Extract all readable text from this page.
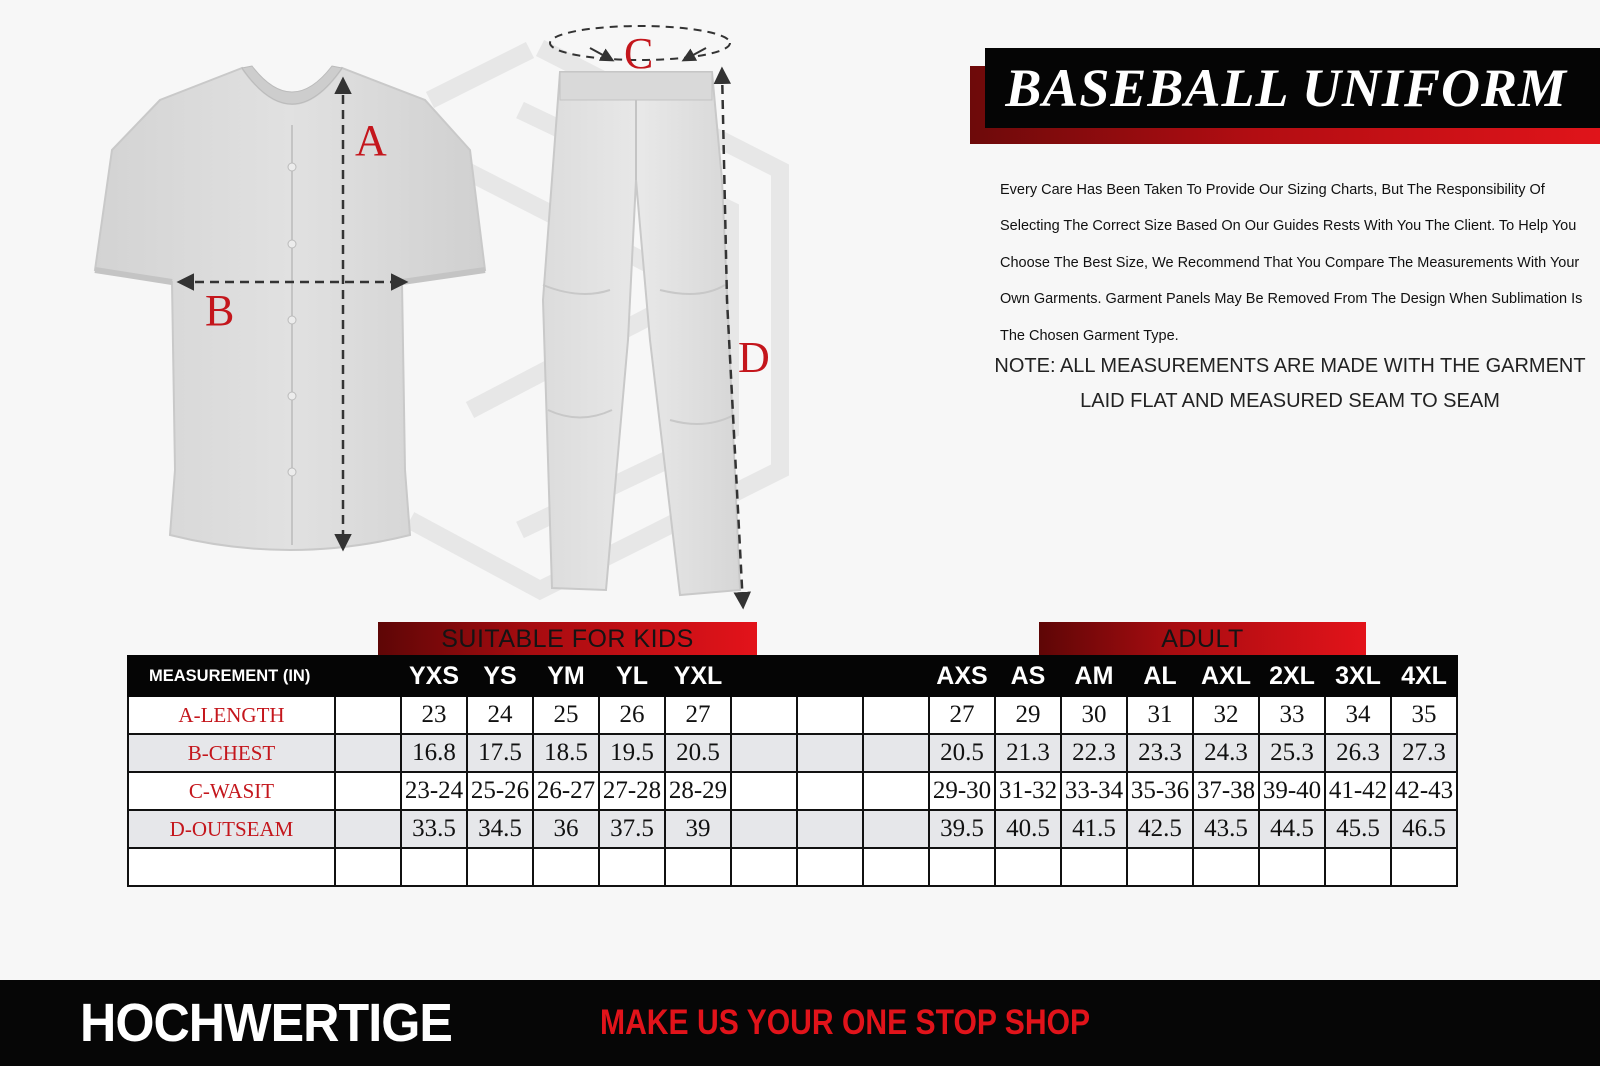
A
B
C
D
BASEBALL UNIFORM
Every Care Has Been Taken To Provide Our Sizing Charts, But The Responsibility Of Selecting The Correct Size Based On Our Guides Rests With You The Client. To Help You Choose The Best Size, We Recommend That You Compare The Measurements With Your Own Garments. Garment Panels May Be Removed From The Design When Sublimation Is The Chosen Garment Type.
NOTE: ALL MEASUREMENTS ARE MADE WITH THE GARMENT LAID FLAT AND MEASURED SEAM TO SEAM
SUITABLE FOR KIDS	ADULT
MEASUREMENT (IN)		YXS	YS	YM	YL	YXL				AXS	AS	AM	AL	AXL	2XL	3XL	4XL
A-LENGTH		23	24	25	26	27				27	29	30	31	32	33	34	35
B-CHEST		16.8	17.5	18.5	19.5	20.5				20.5	21.3	22.3	23.3	24.3	25.3	26.3	27.3
C-WASIT		23-24	25-26	26-27	27-28	28-29				29-30	31-32	33-34	35-36	37-38	39-40	41-42	42-43
D-OUTSEAM		33.5	34.5	36	37.5	39				39.5	40.5	41.5	42.5	43.5	44.5	45.5	46.5

HOCHWERTIGE	MAKE US YOUR ONE STOP SHOP
